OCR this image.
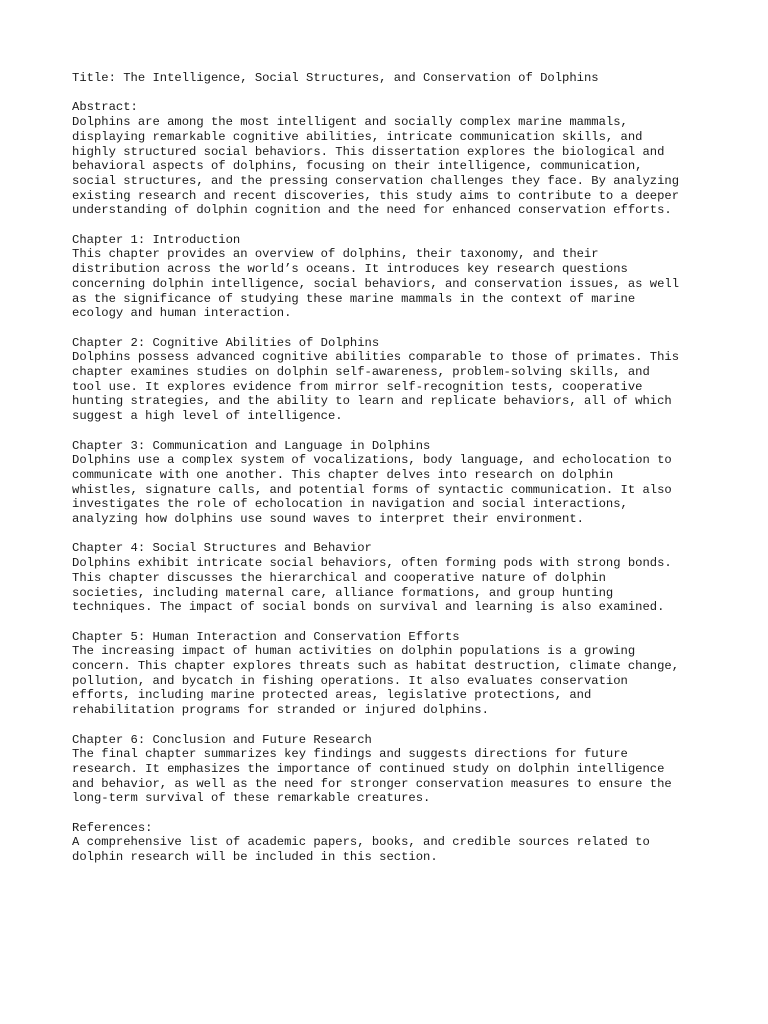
Title: The Intelligence, Social Structures, and Conservation of Dolphins
Abstract:
Dolphins are among the most intelligent and socially complex marine mammals,
displaying remarkable cognitive abilities, intricate communication skills, and
highly structured social behaviors. This dissertation explores the biological and
behavioral aspects of dolphins, focusing on their intelligence, communication,
social structures, and the pressing conservation challenges they face. By analyzing
existing research and recent discoveries, this study aims to contribute to a deeper
understanding of dolphin cognition and the need for enhanced conservation efforts.
Chapter 1: Introduction
This chapter provides an overview of dolphins, their taxonomy, and their
distribution across the world’s oceans. It introduces key research questions
concerning dolphin intelligence, social behaviors, and conservation issues, as well
as the significance of studying these marine mammals in the context of marine
ecology and human interaction.
Chapter 2: Cognitive Abilities of Dolphins
Dolphins possess advanced cognitive abilities comparable to those of primates. This
chapter examines studies on dolphin self-awareness, problem-solving skills, and
tool use. It explores evidence from mirror self-recognition tests, cooperative
hunting strategies, and the ability to learn and replicate behaviors, all of which
suggest a high level of intelligence.
Chapter 3: Communication and Language in Dolphins
Dolphins use a complex system of vocalizations, body language, and echolocation to
communicate with one another. This chapter delves into research on dolphin
whistles, signature calls, and potential forms of syntactic communication. It also
investigates the role of echolocation in navigation and social interactions,
analyzing how dolphins use sound waves to interpret their environment.
Chapter 4: Social Structures and Behavior
Dolphins exhibit intricate social behaviors, often forming pods with strong bonds.
This chapter discusses the hierarchical and cooperative nature of dolphin
societies, including maternal care, alliance formations, and group hunting
techniques. The impact of social bonds on survival and learning is also examined.
Chapter 5: Human Interaction and Conservation Efforts
The increasing impact of human activities on dolphin populations is a growing
concern. This chapter explores threats such as habitat destruction, climate change,
pollution, and bycatch in fishing operations. It also evaluates conservation
efforts, including marine protected areas, legislative protections, and
rehabilitation programs for stranded or injured dolphins.
Chapter 6: Conclusion and Future Research
The final chapter summarizes key findings and suggests directions for future
research. It emphasizes the importance of continued study on dolphin intelligence
and behavior, as well as the need for stronger conservation measures to ensure the
long-term survival of these remarkable creatures.
References:
A comprehensive list of academic papers, books, and credible sources related to
dolphin research will be included in this section.
